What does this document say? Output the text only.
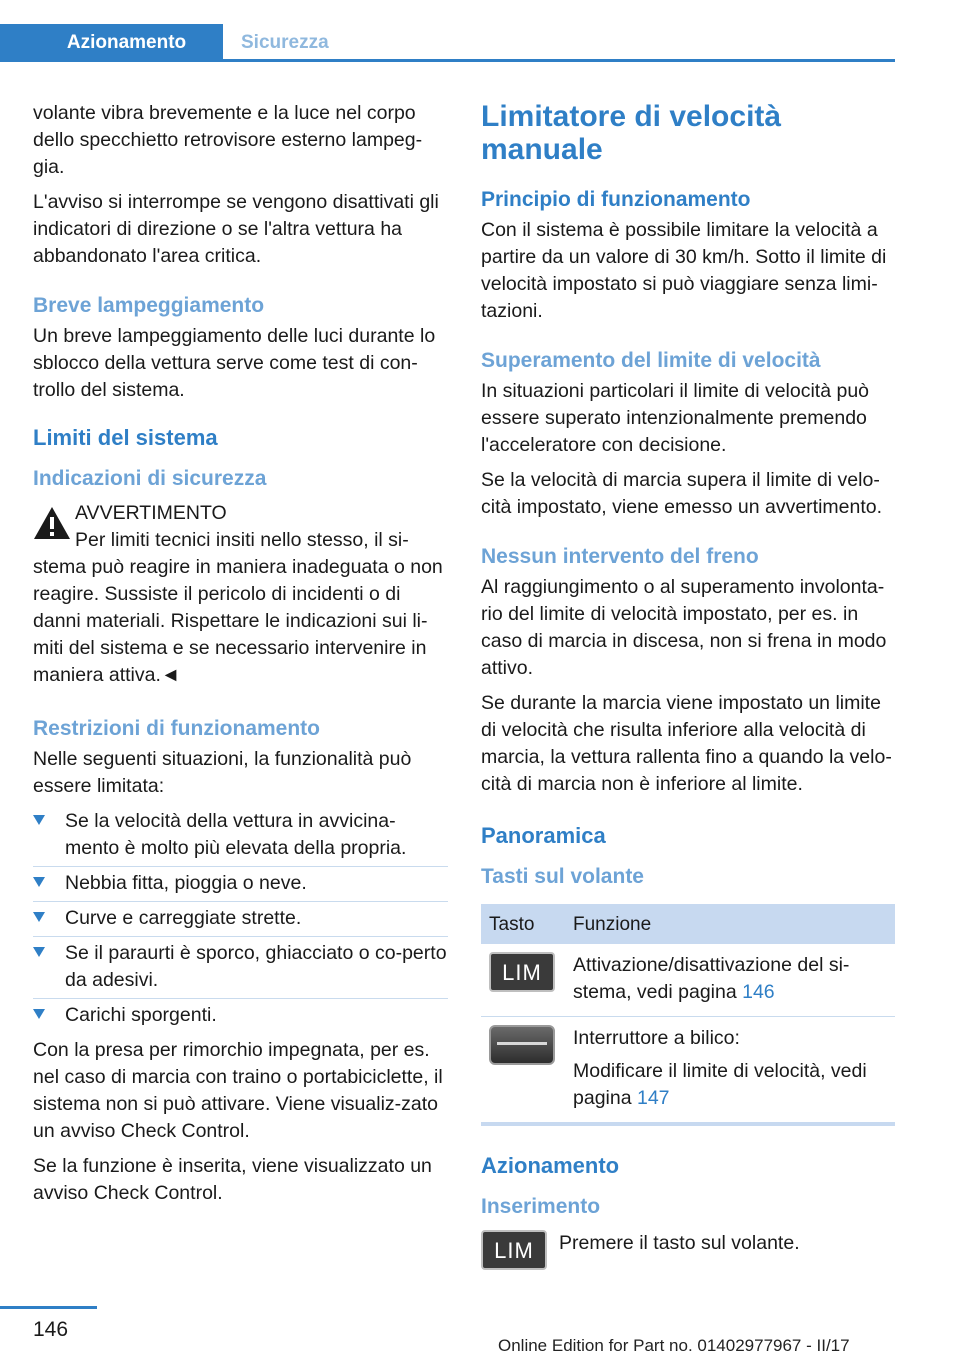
Azionamento	Sicurezza

volante vibra brevemente e la luce nel corpo dello specchietto retrovisore esterno lampeg-gia.

L'avviso si interrompe se vengono disattivati gli indicatori di direzione o se l'altra vettura ha abbandonato l'area critica.

Breve lampeggiamento

Un breve lampeggiamento delle luci durante lo sblocco della vettura serve come test di con-trollo del sistema.

Limiti del sistema
Indicazioni di sicurezza
AVVERTIMENTO
Per limiti tecnici insiti nello stesso, il si-
stema può reagire in maniera inadeguata o non reagire. Sussiste il pericolo di incidenti o di danni materiali. Rispettare le indicazioni sui li-miti del sistema e se necessario intervenire in maniera attiva.◄
Restrizioni di funzionamento

Nelle seguenti situazioni, la funzionalità può essere limitata:

Se la velocità della vettura in avvicina-mento è molto più elevata della propria.
Nebbia fitta, pioggia o neve.
Curve e carreggiate strette.
Se il paraurti è sporco, ghiacciato o co-perto da adesivi.
Carichi sporgenti.

Con la presa per rimorchio impegnata, per es. nel caso di marcia con traino o portabiciclette, il sistema non si può attivare. Viene visualiz-zato un avviso Check Control.

Se la funzione è inserita, viene visualizzato un avviso Check Control.

Limitatore di velocità manuale
Principio di funzionamento

Con il sistema è possibile limitare la velocità a partire da un valore di 30 km/h. Sotto il limite di velocità impostato si può viaggiare senza limi-tazioni.

Superamento del limite di velocità

In situazioni particolari il limite di velocità può essere superato intenzionalmente premendo l'acceleratore con decisione.

Se la velocità di marcia supera il limite di velo-cità impostato, viene emesso un avvertimento.

Nessun intervento del freno

Al raggiungimento o al superamento involonta-rio del limite di velocità impostato, per es. in caso di marcia in discesa, non si frena in modo attivo.

Se durante la marcia viene impostato un limite di velocità che risulta inferiore alla velocità di marcia, la vettura rallenta fino a quando la velo-cità di marcia non è inferiore al limite.

Panoramica
Tasti sul volante
Tasto	Funzione

LIM	Attivazione/disattivazione del si-stema, vedi pagina 146

	Interruttore a bilico:
Modificare il limite di velocità, vedi pagina 147
Azionamento
Inserimento
LIM	Premere il tasto sul volante.
146
Online Edition for Part no. 01402977967 - II/17
